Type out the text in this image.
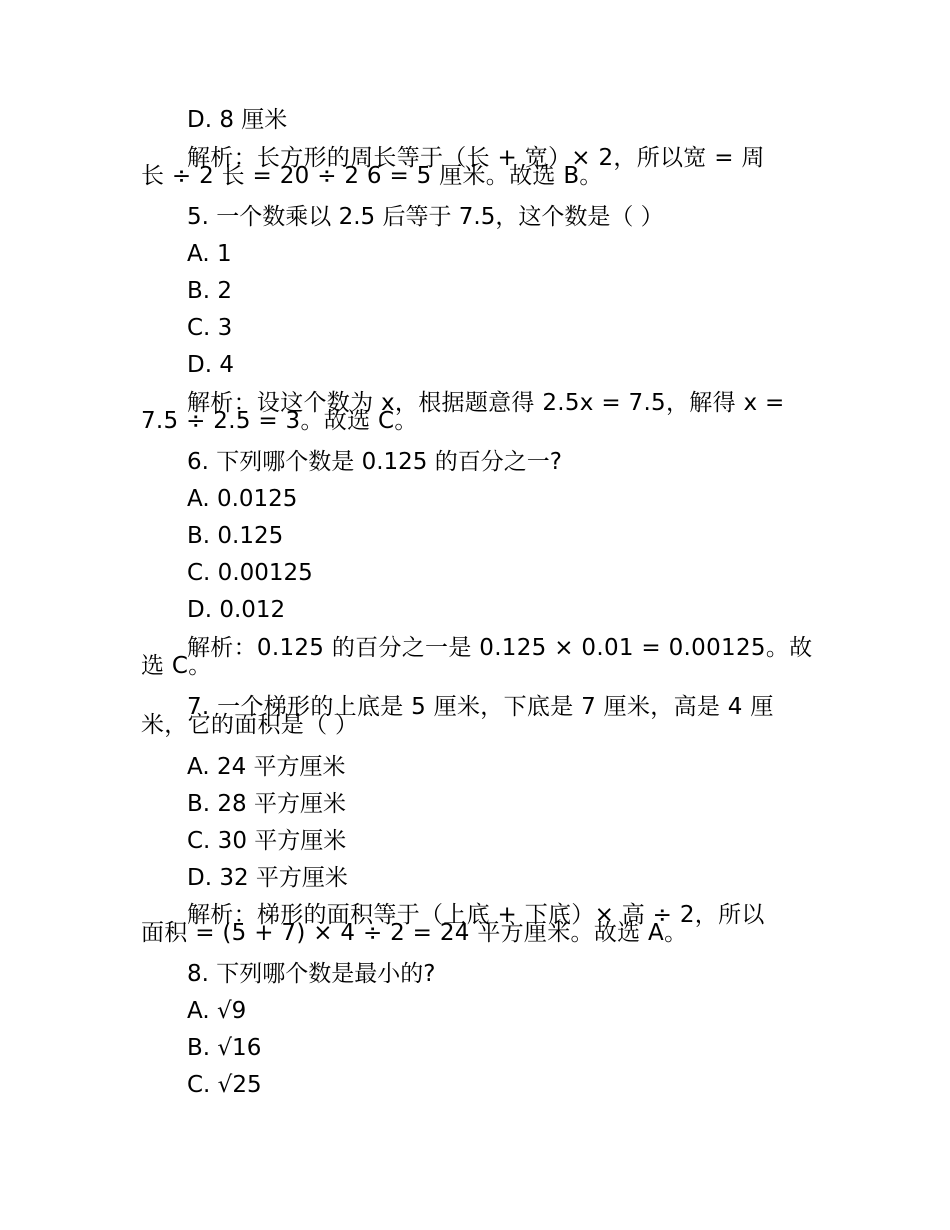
D. 8 厘米
解析：长方形的周长等于（长 + 宽）× 2，所以宽 = 周
长 ÷ 2 长 = 20 ÷ 2 6 = 5 厘米。故选 B。
5. 一个数乘以 2.5 后等于 7.5，这个数是（ ）
A. 1
B. 2
C. 3
D. 4
解析：设这个数为 x，根据题意得 2.5x = 7.5，解得 x =
7.5 ÷ 2.5 = 3。故选 C。
6. 下列哪个数是 0.125 的百分之一?
A. 0.0125
B. 0.125
C. 0.00125
D. 0.012
解析：0.125 的百分之一是 0.125 × 0.01 = 0.00125。故
选 C。
7. 一个梯形的上底是 5 厘米，下底是 7 厘米，高是 4 厘
米，它的面积是（ ）
A. 24 平方厘米
B. 28 平方厘米
C. 30 平方厘米
D. 32 平方厘米
解析：梯形的面积等于（上底 + 下底）× 高 ÷ 2，所以
面积 = (5 + 7) × 4 ÷ 2 = 24 平方厘米。故选 A。
8. 下列哪个数是最小的?
A. √9
B. √16
C. √25
